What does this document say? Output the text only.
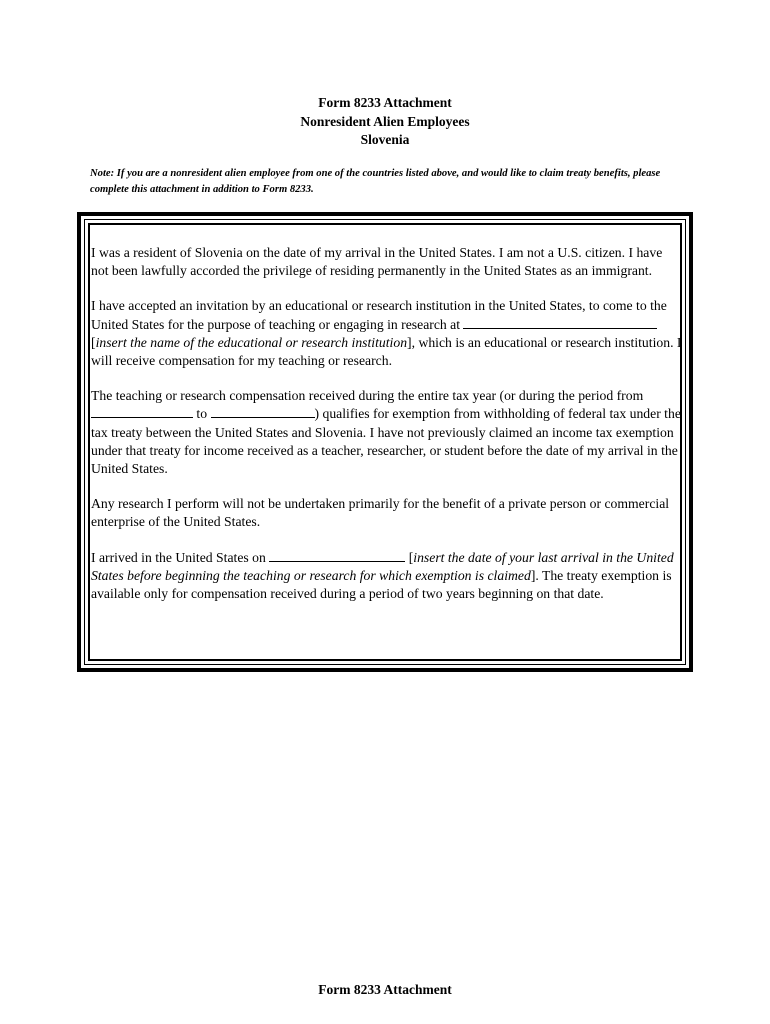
Form 8233 Attachment
Nonresident Alien Employees
Slovenia
Note: If you are a nonresident alien employee from one of the countries listed above, and would like to claim treaty benefits, please complete this attachment in addition to Form 8233.

I was a resident of Slovenia on the date of my arrival in the United States. I am not a U.S. citizen. I have not been lawfully accorded the privilege of residing permanently in the United States as an immigrant.

I have accepted an invitation by an educational or research institution in the United States, to come to the United States for the purpose of teaching or engaging in research at  [insert the name of the educational or research institution], which is an educational or research institution. I will receive compensation for my teaching or research.

The teaching or research compensation received during the entire tax year (or during the period from  to	) qualifies for exemption from withholding of federal tax under the tax treaty between the United States and Slovenia. I have not previously claimed an income tax exemption under that treaty for income received as a teacher, researcher, or student before the date of my arrival in the United States.

Any research I perform will not be undertaken primarily for the benefit of a private person or commercial enterprise of the United States.

I arrived in the United States on	[insert the date of your last arrival in the United States before beginning the teaching or research for which exemption is claimed]. The treaty exemption is available only for compensation received during a period of two years beginning on that date.

Form 8233 Attachment
